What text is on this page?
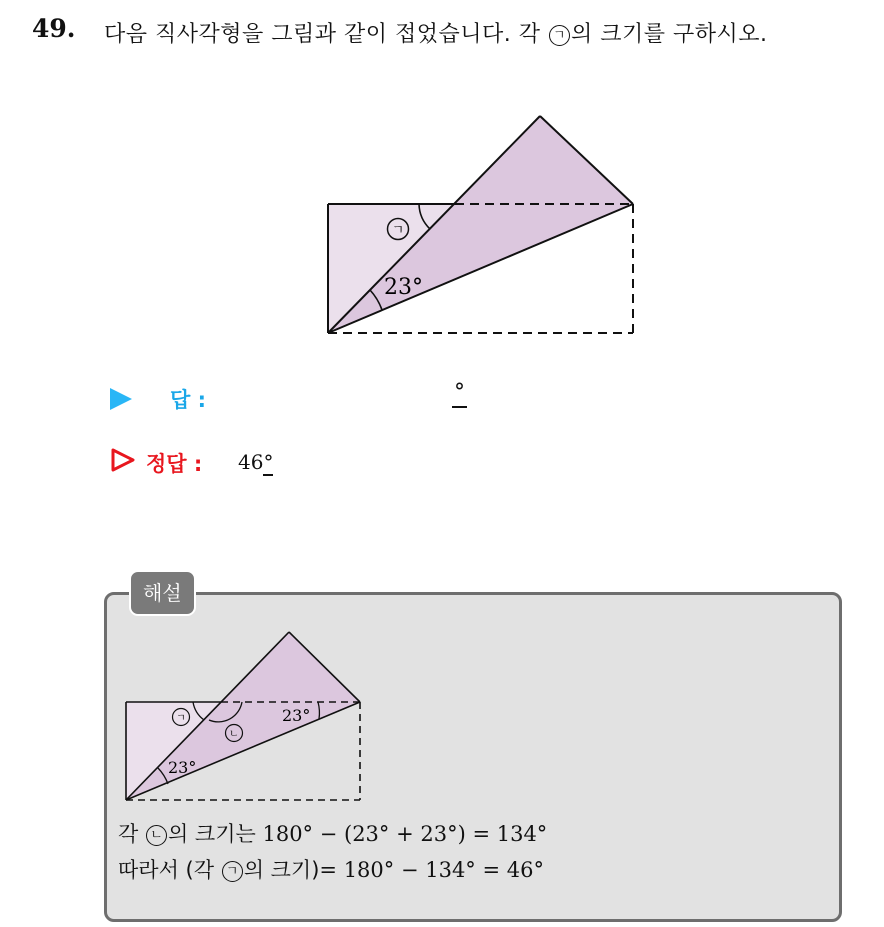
49. 다음 직사각형을 그림과 같이 접었습니다. 각 ㄱ 의 크기를 구하시오.
ㄱ
23°
답 :	°
정답 : 46°
해설
ㄱ
ㄴ
23°
23°
각 ㄴ 의 크기는 180° − (23° + 23°) = 134°
따라서 (각 ㄱ 의 크기)= 180° − 134° = 46°
